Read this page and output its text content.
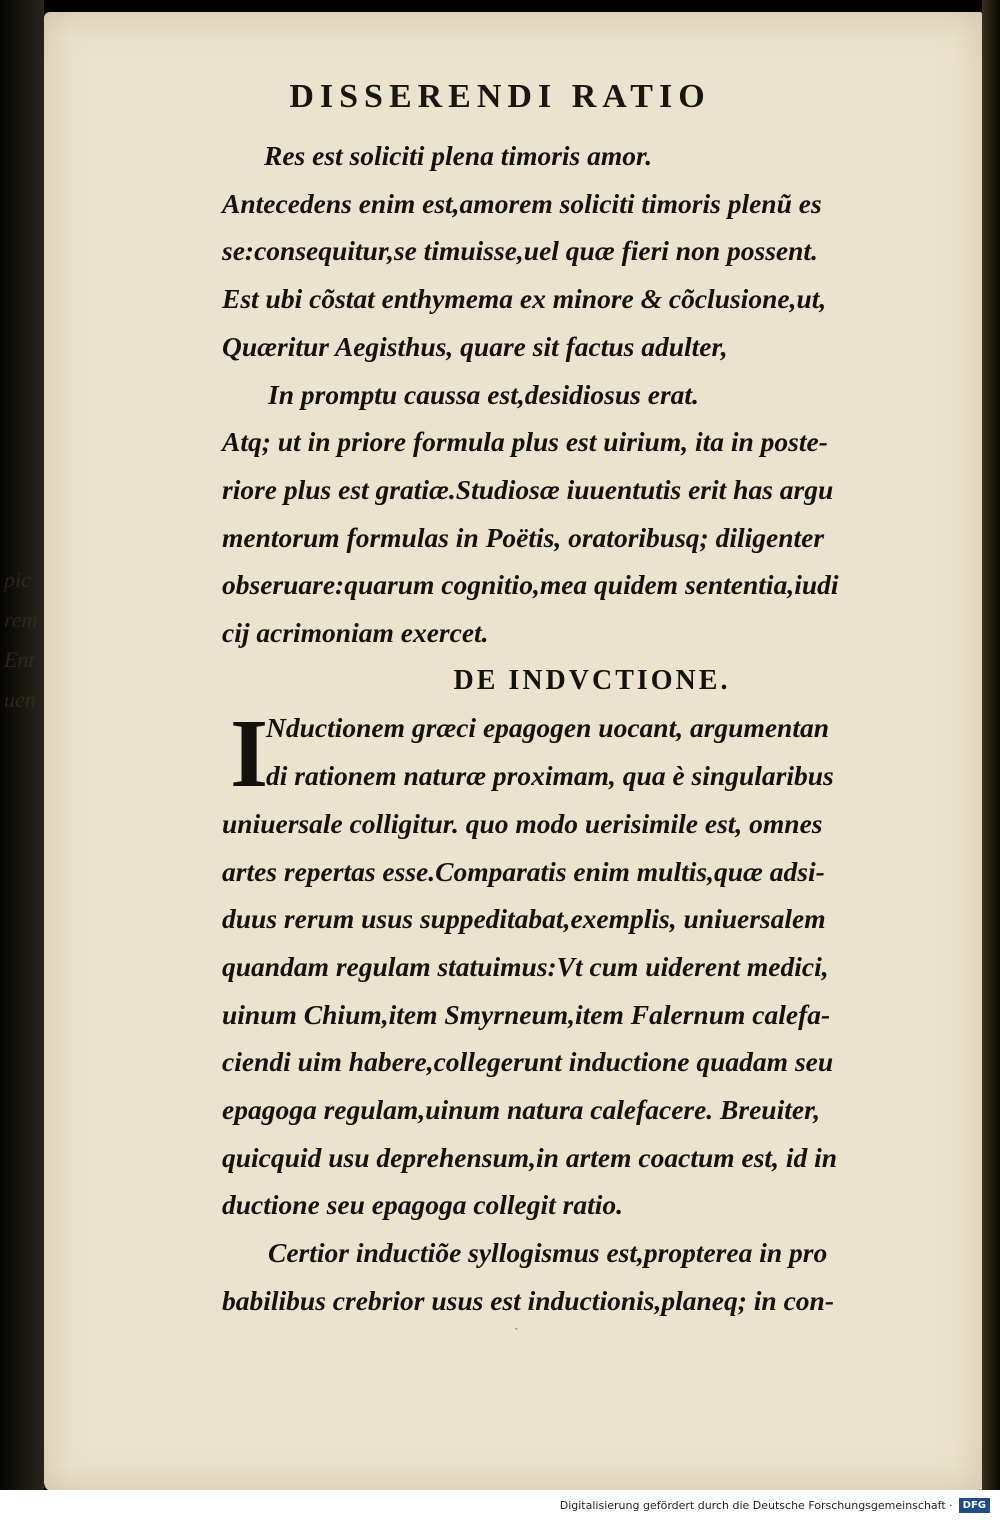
pic
rem
Ent
uen
DISSERENDI RATIO
Res est soliciti plena timoris amor.
Antecedens enim est,amorem soliciti timoris plenũ es
se:consequitur,se timuisse,uel quæ fieri non possent.
Est ubi cõstat enthymema ex minore & cõclusione,ut,
Quæritur Aegisthus, quare sit factus adulter,
In promptu caussa est,desidiosus erat.
Atq; ut in priore formula plus est uirium, ita in poste-
riore plus est gratiæ.Studiosæ iuuentutis erit has argu
mentorum formulas in Poëtis, oratoribusq; diligenter
obseruare:quarum cognitio,mea quidem sententia,iudi
cij acrimoniam exercet.
DE INDVCTIONE.
I
Nductionem græci epagogen uocant, argumentan
di rationem naturæ proximam, qua è singularibus
uniuersale colligitur. quo modo uerisimile est, omnes
artes repertas esse.Comparatis enim multis,quæ adsi-
duus rerum usus suppeditabat,exemplis, uniuersalem
quandam regulam statuimus:Vt cum uiderent medici,
uinum Chium,item Smyrneum,item Falernum calefa-
ciendi uim habere,collegerunt inductione quadam seu
epagoga regulam,uinum natura calefacere. Breuiter,
quicquid usu deprehensum,in artem coactum est, id in
ductione seu epagoga collegit ratio.
Certior inductiõe syllogismus est,propterea in pro
babilibus crebrior usus est inductionis,planeq; in con-
ˎ
Digitalisierung gefördert durch die Deutsche Forschungsgemeinschaft ·	DFG
